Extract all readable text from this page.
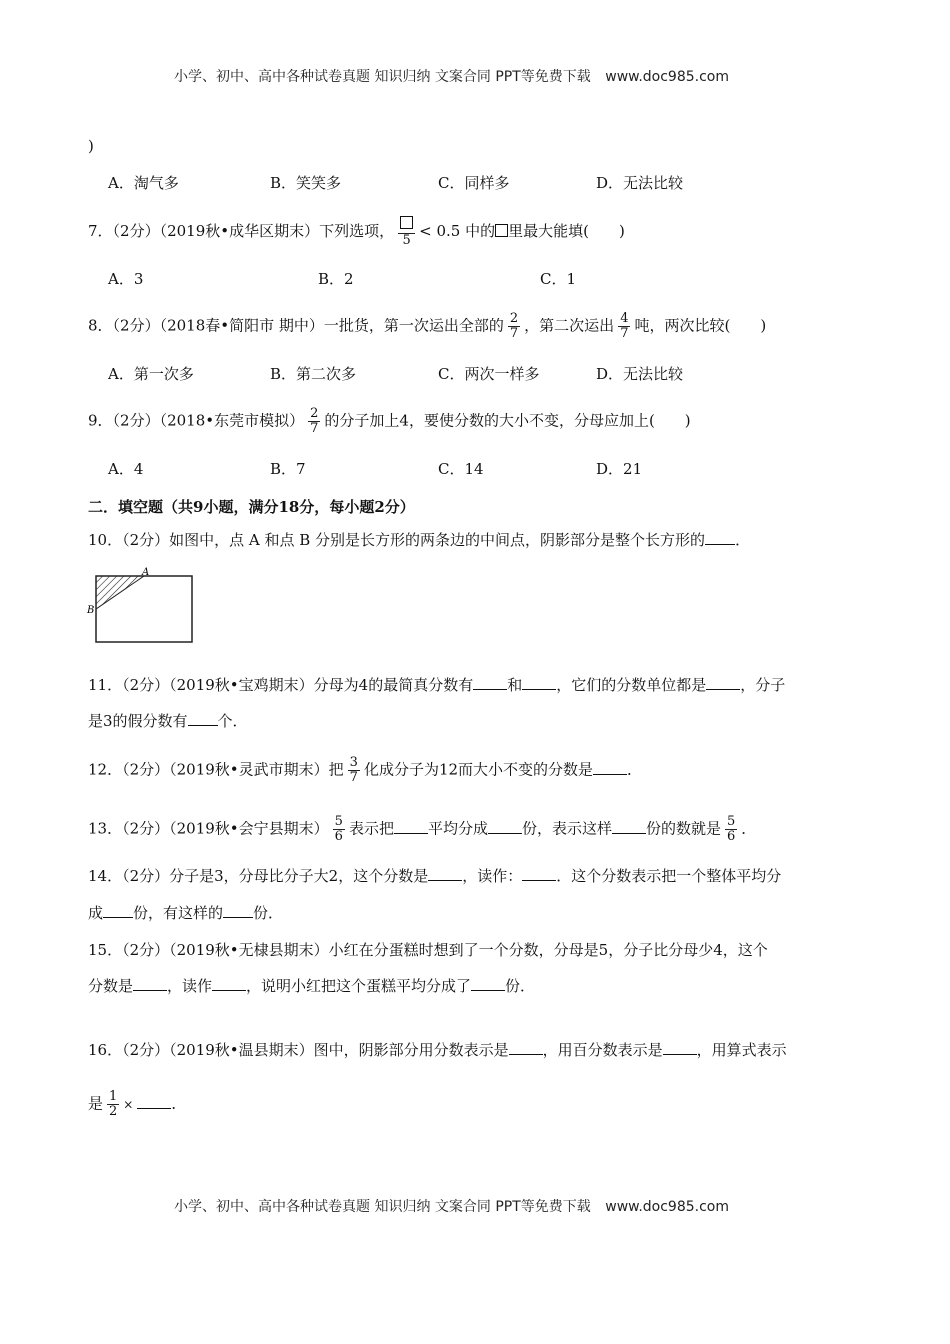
小学、初中、高中各种试卷真题 知识归纳 文案合同 PPT等免费下载 www.doc985.com
)
A．淘气多	B．笑笑多	C．同样多	D．无法比较
7．（2分）（2019秋•成华区期末）下列选项，
5
< 0.5 中的 里最大能填(　　)
A．3	B．2	C．1
8．（2分）（2018春•简阳市 期中）一批货，第一次运出全部的 $\frac{2}{7}$ ，第二次运出 $\frac{4}{7}$ 吨，两次比较(　　)
A．第一次多	B．第二次多	C．两次一样多	D．无法比较
9．（2分）（2018•东莞市模拟） $\frac{2}{7}$ 的分子加上4，要使分数的大小不变，分母应加上(　　)
A．4	B．7	C．14	D．21
二．填空题（共9小题，满分18分，每小题2分）
10．（2分）如图中，点 A 和点 B 分别是长方形的两条边的中间点，阴影部分是整个长方形的 ．
A
B
11．（2分）（2019秋•宝鸡期末）分母为4的最简真分数有 和 ，它们的分数单位都是 ，分子
是3的假分数有 个．
12．（2分）（2019秋•灵武市期末）把 $\frac{3}{7}$ 化成分子为12而大小不变的分数是 ．
13．（2分）（2019秋•会宁县期末） $\frac{5}{6}$ 表示把 平均分成 份，表示这样 份的数就是 $\frac{5}{6}$ ．
14．（2分）分子是3，分母比分子大2，这个分数是 ，读作： ．这个分数表示把一个整体平均分
成 份，有这样的 份．
15．（2分）（2019秋•无棣县期末）小红在分蛋糕时想到了一个分数，分母是5，分子比分母少4，这个
分数是 ，读作 ，说明小红把这个蛋糕平均分成了 份．
16．（2分）（2019秋•温县期末）图中，阴影部分用分数表示是 ，用百分数表示是 ，用算式表示
是 $\frac{1}{2}$ ×	．
小学、初中、高中各种试卷真题 知识归纳 文案合同 PPT等免费下载 www.doc985.com
